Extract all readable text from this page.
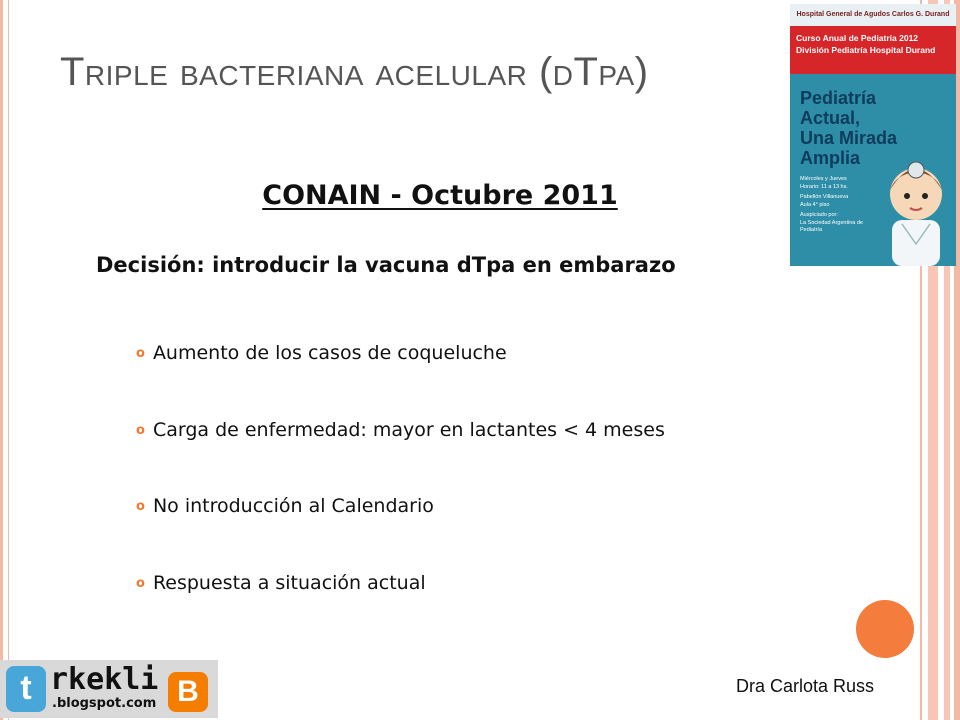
Triple bacteriana acelular (dTpa)
CONAIN - Octubre 2011
Decisión: introducir la vacuna dTpa en embarazo
o Aumento de los casos de coqueluche
o Carga de enfermedad: mayor en lactantes < 4 meses
o No introducción al Calendario
o Respuesta a situación actual
Hospital General de Agudos Carlos G. Durand
Curso Anual de Pediatría 2012
División Pediatría Hospital Durand
Pediatría
Actual,
Una Mirada
Amplia
Miércoles y Jueves
Horario: 11 a 13 hs.
Pabellón Villanueva
Aula 4° piso
Auspiciado por:
La Sociedad Argentina de Pediatría
Dra Carlota Russ
t rkekli
.blogspot.com B
